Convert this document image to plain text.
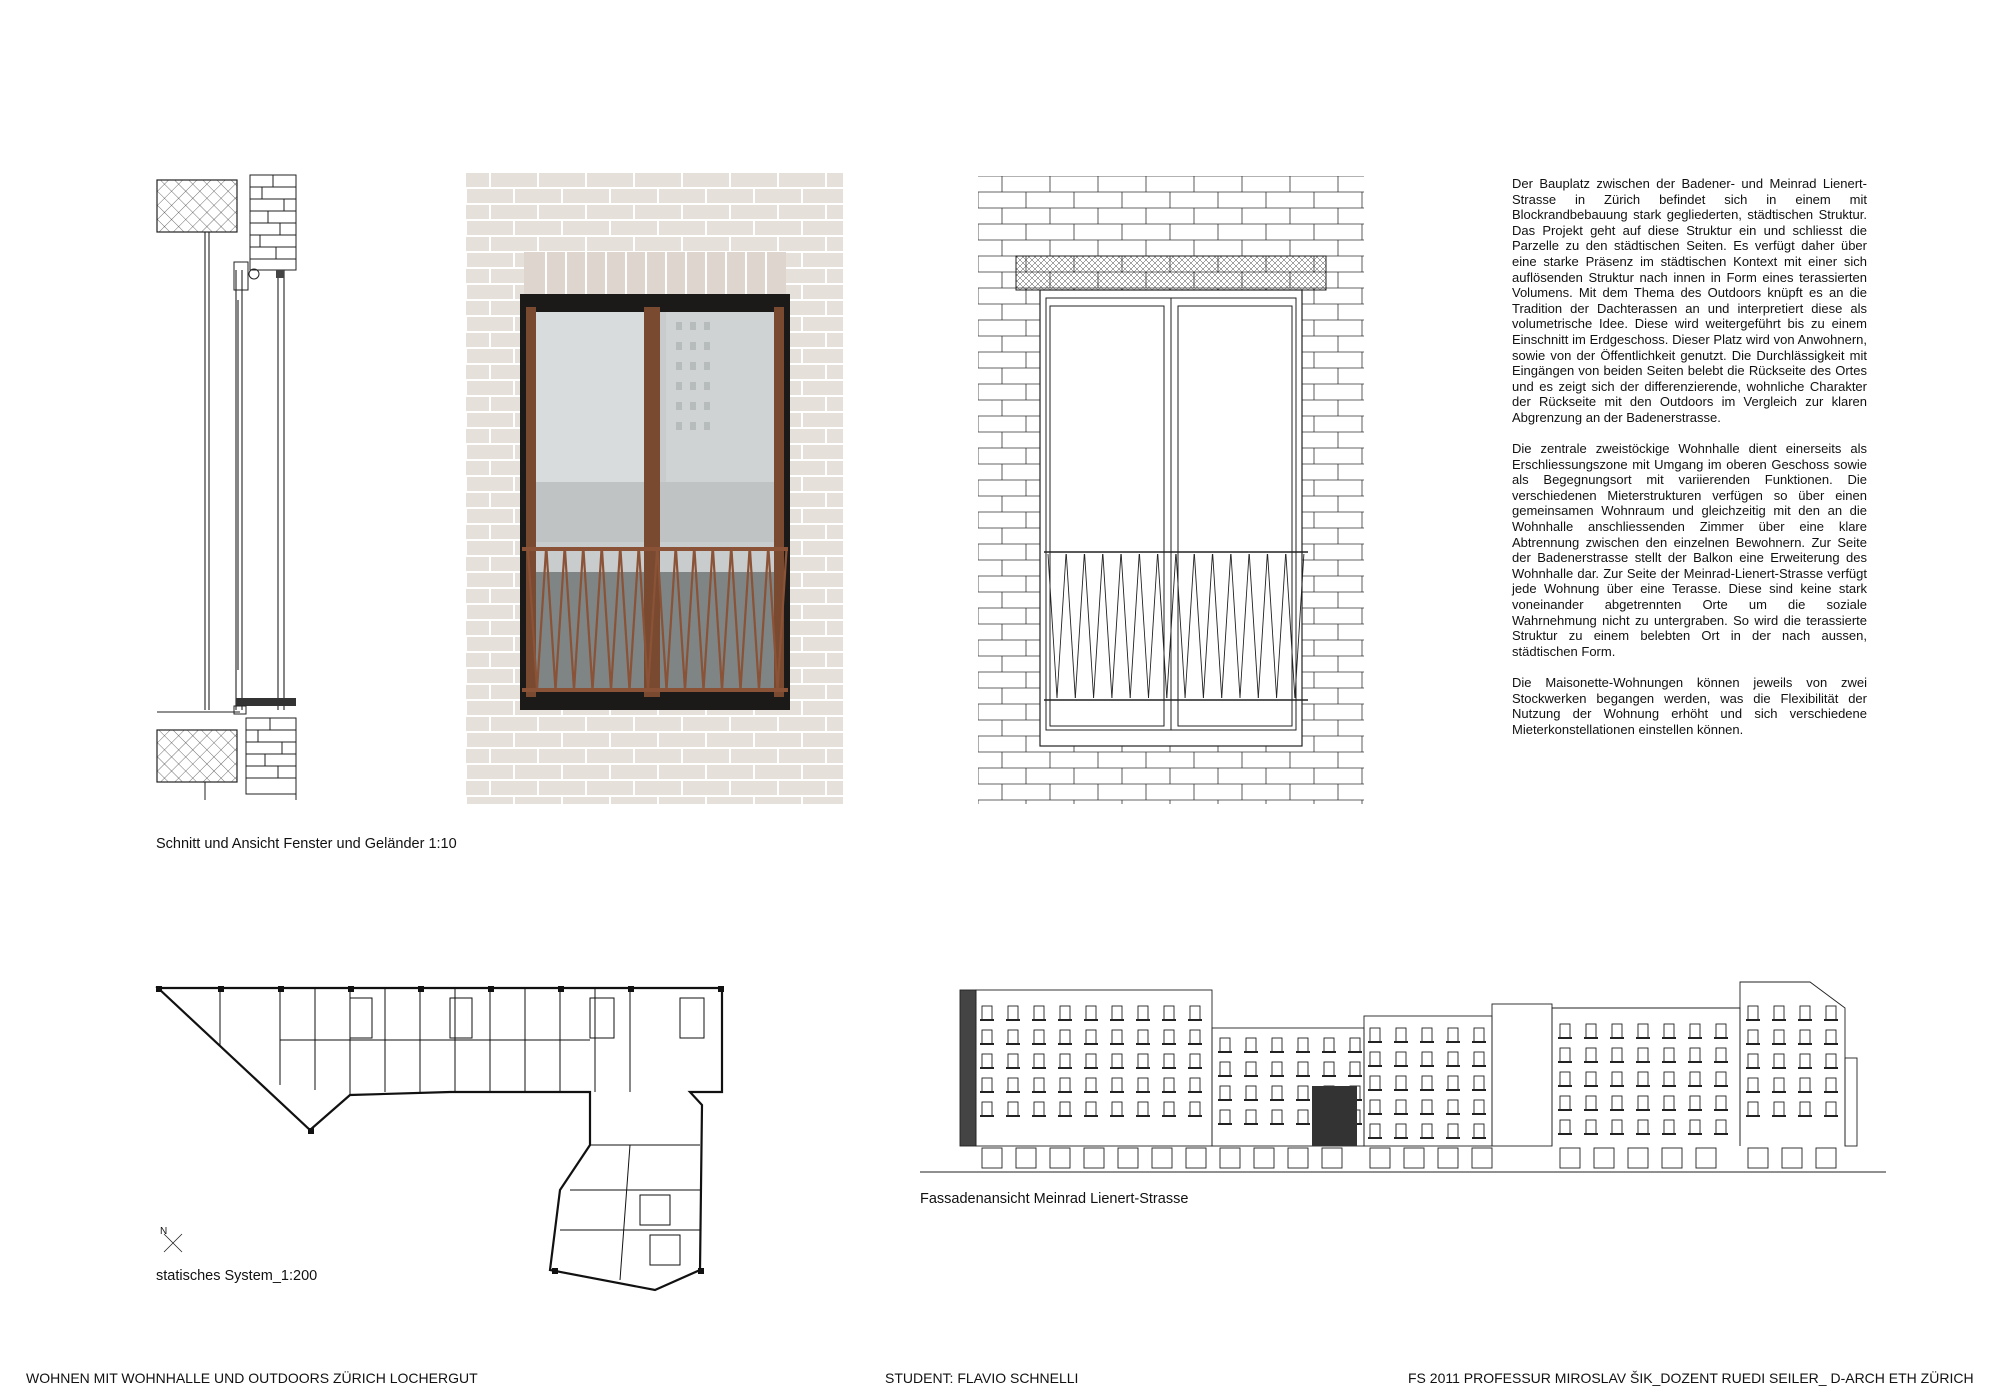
Der Bauplatz zwischen der Badener- und Meinrad Lienert-Strasse in Zürich befindet sich in einem mit Blockrandbebauung stark gegliederten, städtischen Struktur. Das Projekt geht auf diese Struktur ein und schliesst die Parzelle zu den städtischen Seiten. Es verfügt daher über eine starke Präsenz im städtischen Kontext mit einer sich auflösenden Struktur nach innen in Form eines terassierten Volumens. Mit dem Thema des Outdoors knüpft es an die Tradition der Dachterassen an und interpretiert diese als volumetrische Idee. Diese wird weitergeführt bis zu einem Einschnitt im Erdgeschoss. Dieser Platz wird von Anwohnern, sowie von der Öffentlichkeit genutzt. Die Durchlässigkeit mit Eingängen von beiden Seiten belebt die Rückseite des Ortes und es zeigt sich der differenzierende, wohnliche Charakter der Rückseite mit den Outdoors im Vergleich zur klaren Abgrenzung an der Badenerstrasse.

Die zentrale zweistöckige Wohnhalle dient einerseits als Erschliessungszone mit Umgang im oberen Geschoss sowie als Begegnungsort mit variierenden Funktionen. Die verschiedenen Mieterstrukturen verfügen so über einen gemeinsamen Wohnraum und gleichzeitig mit den an die Wohnhalle anschliessenden Zimmer über eine klare Abtrennung zwischen den einzelnen Bewohnern. Zur Seite der Badenerstrasse stellt der Balkon eine Erweiterung des Wohnhalle dar. Zur Seite der Meinrad-Lienert-Strasse verfügt jede Wohnung über eine Terasse. Diese sind keine stark voneinander abgetrennten Orte um die soziale Wahrnehmung nicht zu untergraben. So wird die terassierte Struktur zu einem belebten Ort in der nach aussen, städtischen Form.

Die Maisonette-Wohnungen können jeweils von zwei Stockwerken begangen werden, was die Flexibilität der Nutzung der Wohnung erhöht und sich verschiedene Mieterkonstellationen einstellen können.

Schnitt und Ansicht Fenster und Geländer 1:10
N
statisches System_1:200
Fassadenansicht Meinrad Lienert-Strasse
WOHNEN MIT WOHNHALLE UND OUTDOORS ZÜRICH LOCHERGUT	STUDENT: FLAVIO SCHNELLI	FS 2011 PROFESSUR MIROSLAV ŠIK_DOZENT RUEDI SEILER_ D-ARCH ETH ZÜRICH
